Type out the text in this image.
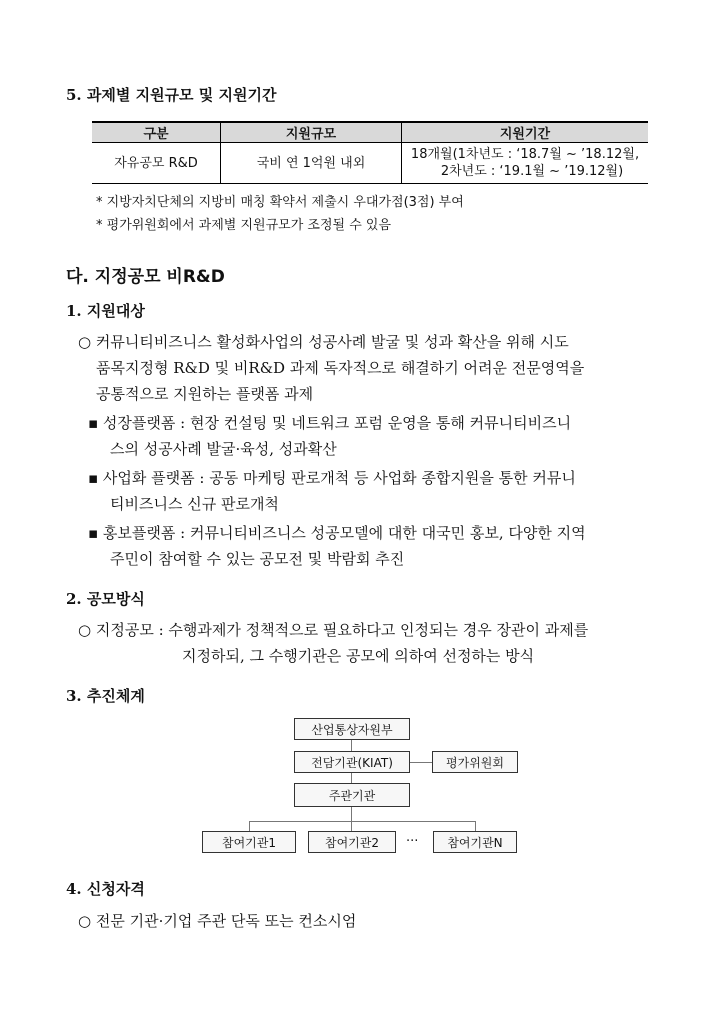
5. 과제별 지원규모 및 지원기간
구분	지원규모	지원기간
자유공모 R&D	국비 연 1억원 내외	18개월(1차년도 : ‘18.7월 ~ ’18.12월,
2차년도 : ‘19.1월 ~ ’19.12월)
* 지방자치단체의 지방비 매칭 확약서 제출시 우대가점(3점) 부여
* 평가위원회에서 과제별 지원규모가 조정될 수 있음
다. 지정공모 비R&D
1. 지원대상
○ 커뮤니티비즈니스 활성화사업의 성공사례 발굴 및 성과 확산을 위해 시도
품목지정형 R&D 및 비R&D 과제 독자적으로 해결하기 어려운 전문영역을
공통적으로 지원하는 플랫폼 과제
▪ 성장플랫폼 : 현장 컨설팅 및 네트워크 포럼 운영을 통해 커뮤니티비즈니
스의 성공사례 발굴·육성, 성과확산
▪ 사업화 플랫폼 : 공동 마케팅 판로개척 등 사업화 종합지원을 통한 커뮤니
티비즈니스 신규 판로개척
▪ 홍보플랫폼 : 커뮤니티비즈니스 성공모델에 대한 대국민 홍보, 다양한 지역
주민이 참여할 수 있는 공모전 및 박람회 추진
2. 공모방식
○ 지정공모 : 수행과제가 정책적으로 필요하다고 인정되는 경우 장관이 과제를
지정하되, 그 수행기관은 공모에 의하여 선정하는 방식
3. 추진체계
산업통상자원부
전담기관(KIAT)	평가위원회
주관기관
참여기관1	참여기관2	···	참여기관N
4. 신청자격
○ 전문 기관·기업 주관 단독 또는 컨소시엄
